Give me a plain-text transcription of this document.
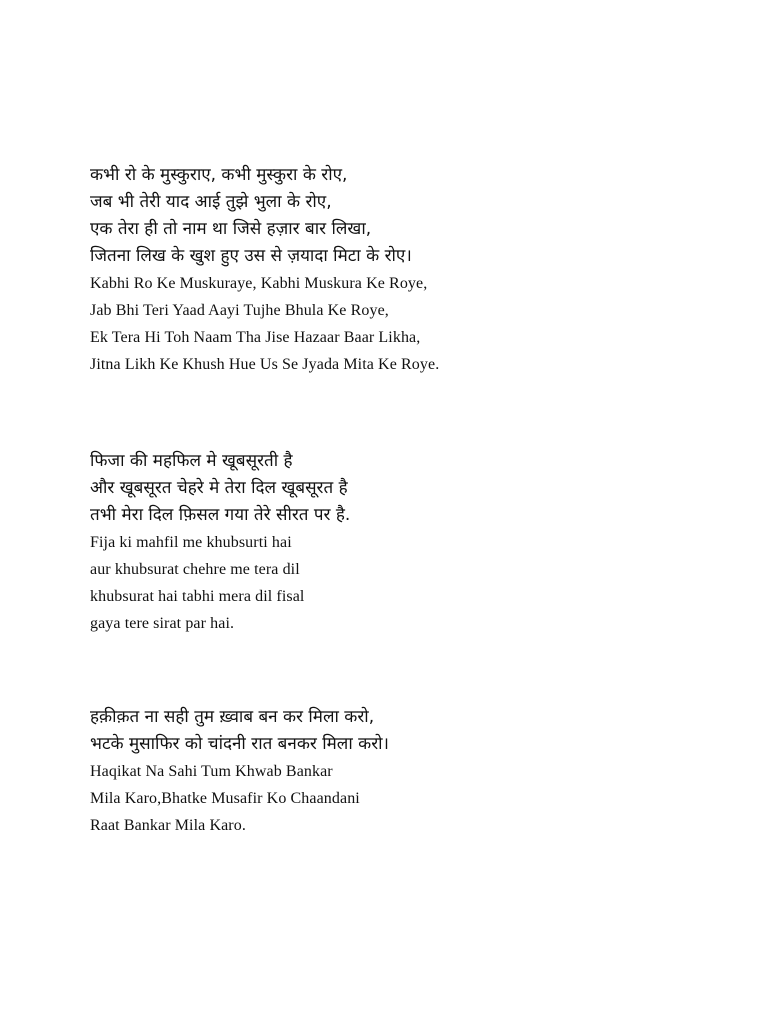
कभी रो के मुस्कुराए, कभी मुस्कुरा के रोए,
जब भी तेरी याद आई तुझे भुला के रोए,
एक तेरा ही तो नाम था जिसे हज़ार बार लिखा,
जितना लिख के खुश हुए उस से ज़यादा मिटा के रोए।
Kabhi Ro Ke Muskuraye, Kabhi Muskura Ke Roye,
Jab Bhi Teri Yaad Aayi Tujhe Bhula Ke Roye,
Ek Tera Hi Toh Naam Tha Jise Hazaar Baar Likha,
Jitna Likh Ke Khush Hue Us Se Jyada Mita Ke Roye.
फिजा की महफिल मे खूबसूरती है
और खूबसूरत चेहरे मे तेरा दिल खूबसूरत है
तभी मेरा दिल फ़िसल गया तेरे सीरत पर है.
Fija ki mahfil me khubsurti hai
aur khubsurat chehre me tera dil
khubsurat hai tabhi mera dil fisal
gaya tere sirat par hai.
हक़ीक़त ना सही तुम ख़्वाब बन कर मिला करो,
भटके मुसाफिर को चांदनी रात बनकर मिला करो।
Haqikat Na Sahi Tum Khwab Bankar
Mila Karo,Bhatke Musafir Ko Chaandani
Raat Bankar Mila Karo.
